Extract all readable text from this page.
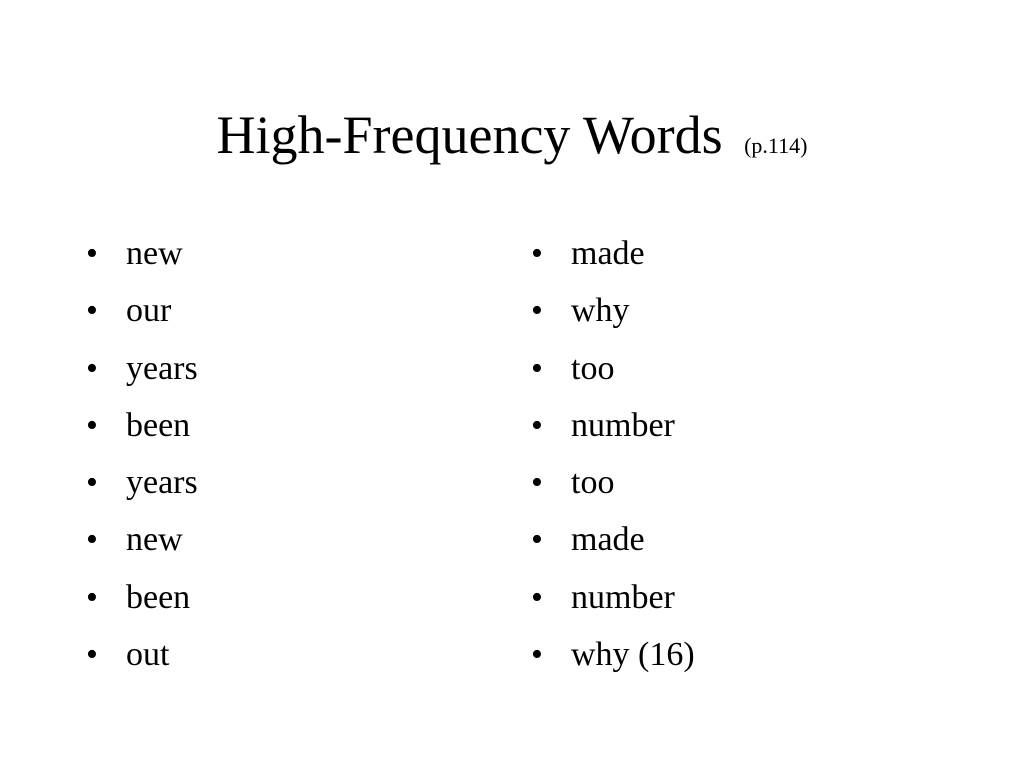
High-Frequency Words (p.114)
• new
• our
• years
• been
• years
• new
• been
• out
• made
• why
• too
• number
• too
• made
• number
• why (16)
